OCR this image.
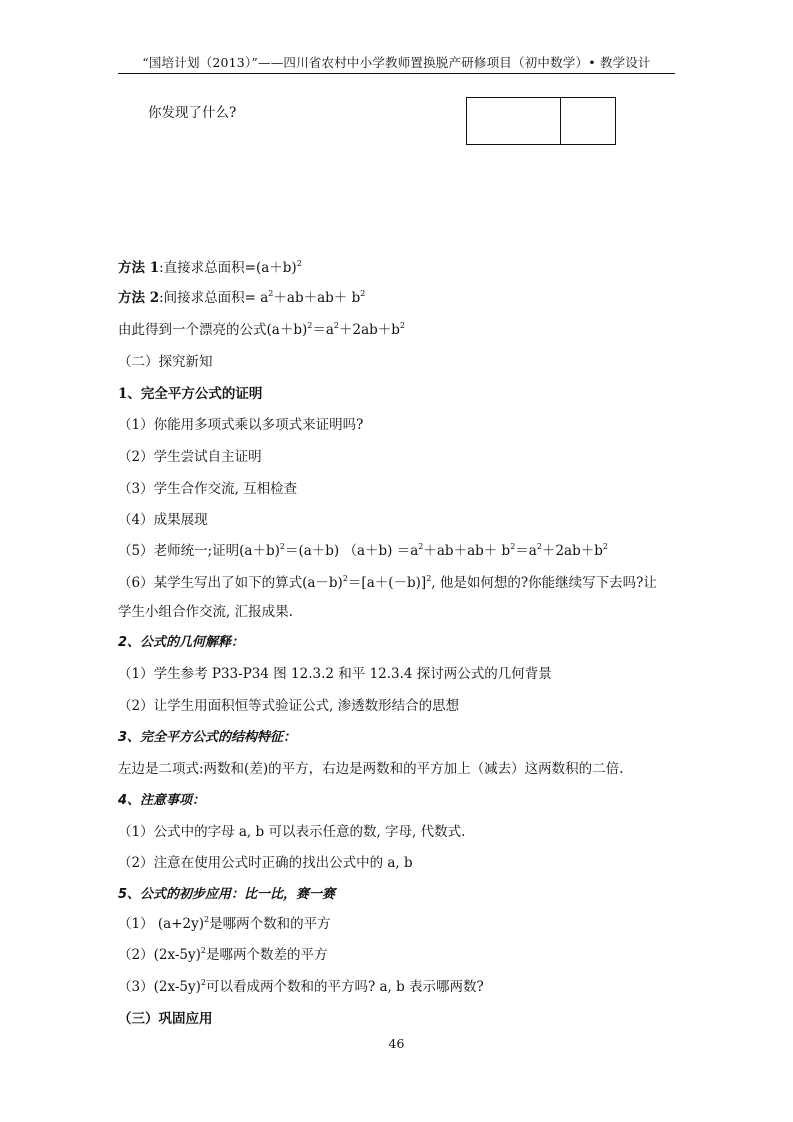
“国培计划（2013）”——四川省农村中小学教师置换脱产研修项目（初中数学）• 教学设计
你发现了什么?
方法 1:直接求总面积$=(a+b)^2$
方法 2:间接求总面积= $a^2+ab+ab+ b^2$
由此得到一个漂亮的公式$(a+b)^2=a^2+2ab+b^2$
（二）探究新知
1、完全平方公式的证明
（1）你能用多项式乘以多项式来证明吗?
（2）学生尝试自主证明
（3）学生合作交流, 互相检查
（4）成果展现
（5）老师统一;证明$(a+b)^2=(a+b)$ $(a+b) =a^2+ab+ab+ b^2=a^2+2ab+b^2$
（6）某学生写出了如下的算式$(a-b)^2=[a+(-b)]^2$, 他是如何想的?你能继续写下去吗?让
学生小组合作交流, 汇报成果.
2、公式的几何解释：
（1）学生参考 P33-P34 图 12.3.2 和平 12.3.4 探讨两公式的几何背景
（2）让学生用面积恒等式验证公式, 渗透数形结合的思想
3、完全平方公式的结构特征：
左边是二项式:两数和(差)的平方，右边是两数和的平方加上（减去）这两数积的二倍.
4、注意事项：
（1）公式中的字母 a, b 可以表示任意的数, 字母, 代数式.
（2）注意在使用公式时正确的找出公式中的 a, b
5、公式的初步应用：比一比，赛一赛
（1） $(a+2y)^2$是哪两个数和的平方
$(2)(2x-5y)^2$是哪两个数差的平方
$(3)(2x-5y)^2$可以看成两个数和的平方吗? a, b 表示哪两数?
（三）巩固应用
46
